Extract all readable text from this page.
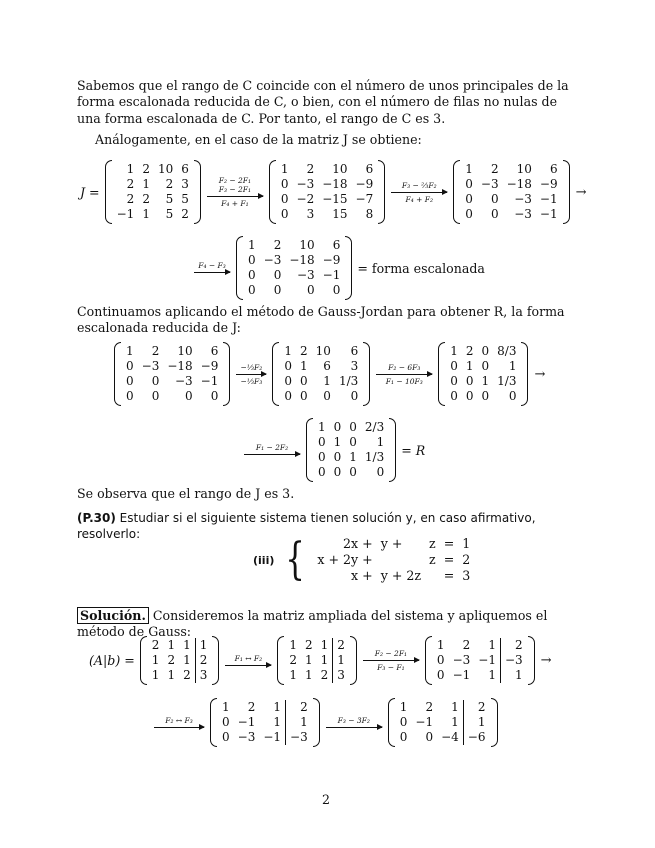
Sabemos que el rango de C coincide con el número de unos principales de la forma escalonada reducida de C, o bien, con el número de filas no nulas de una forma escalonada de C. Por tanto, el rango de C es 3.

Análogamente, en el caso de la matriz J se obtiene:

J =
1	2	10	6
2	1	2	3
2	2	5	5
−1	1	5	2
F₂ − 2F₁
F₃ − 2F₁
F₄ + F₁
1	2	10	6
0	−3	−18	−9
0	−2	−15	−7
0	3	15	8
F₃ − ⅔F₂
F₄ + F₂
1	2	10	6
0	−3	−18	−9
0	0	−3	−1
0	0	−3	−1
→
F₄ − F₃
1	2	10	6
0	−3	−18	−9
0	0	−3	−1
0	0	0	0
= forma escalonada

Continuamos aplicando el método de Gauss-Jordan para obtener R, la forma escalonada reducida de J:

1	2	10	6
0	−3	−18	−9
0	0	−3	−1
0	0	0	0
−⅓F₂
−⅓F₃
1	2	10	6
0	1	6	3
0	0	1	1/3
0	0	0	0
F₂ − 6F₃
F₁ − 10F₃
1	2	0	8/3
0	1	0	1
0	0	1	1/3
0	0	0	0
→
F₁ − 2F₂
1	0	0	2/3
0	1	0	1
0	0	1	1/3
0	0	0	0
= R

Se observa que el rango de J es 3.

(P.30) Estudiar si el siguiente sistema tienen solución y, en caso afirmativo, resolverlo:

(iii) {	2x +	y +	z	=	1
x + 2y +		z	=	2
x +	y + 2z		=	3

Solución. Consideremos la matriz ampliada del sistema y apliquemos el método de Gauss:

(A|b) =
2	1	1	1
1	2	1	2
1	1	2	3
F₁ ↔ F₂
1	2	1	2
2	1	1	1
1	1	2	3
F₂ − 2F₁
F₃ − F₁
1	2	1	2
0	−3	−1	−3
0	−1	1	1
→
F₂ ↔ F₃
1	2	1	2
0	−1	1	1
0	−3	−1	−3
F₃ − 3F₂
1	2	1	2
0	−1	1	1
0	0	−4	−6

2
